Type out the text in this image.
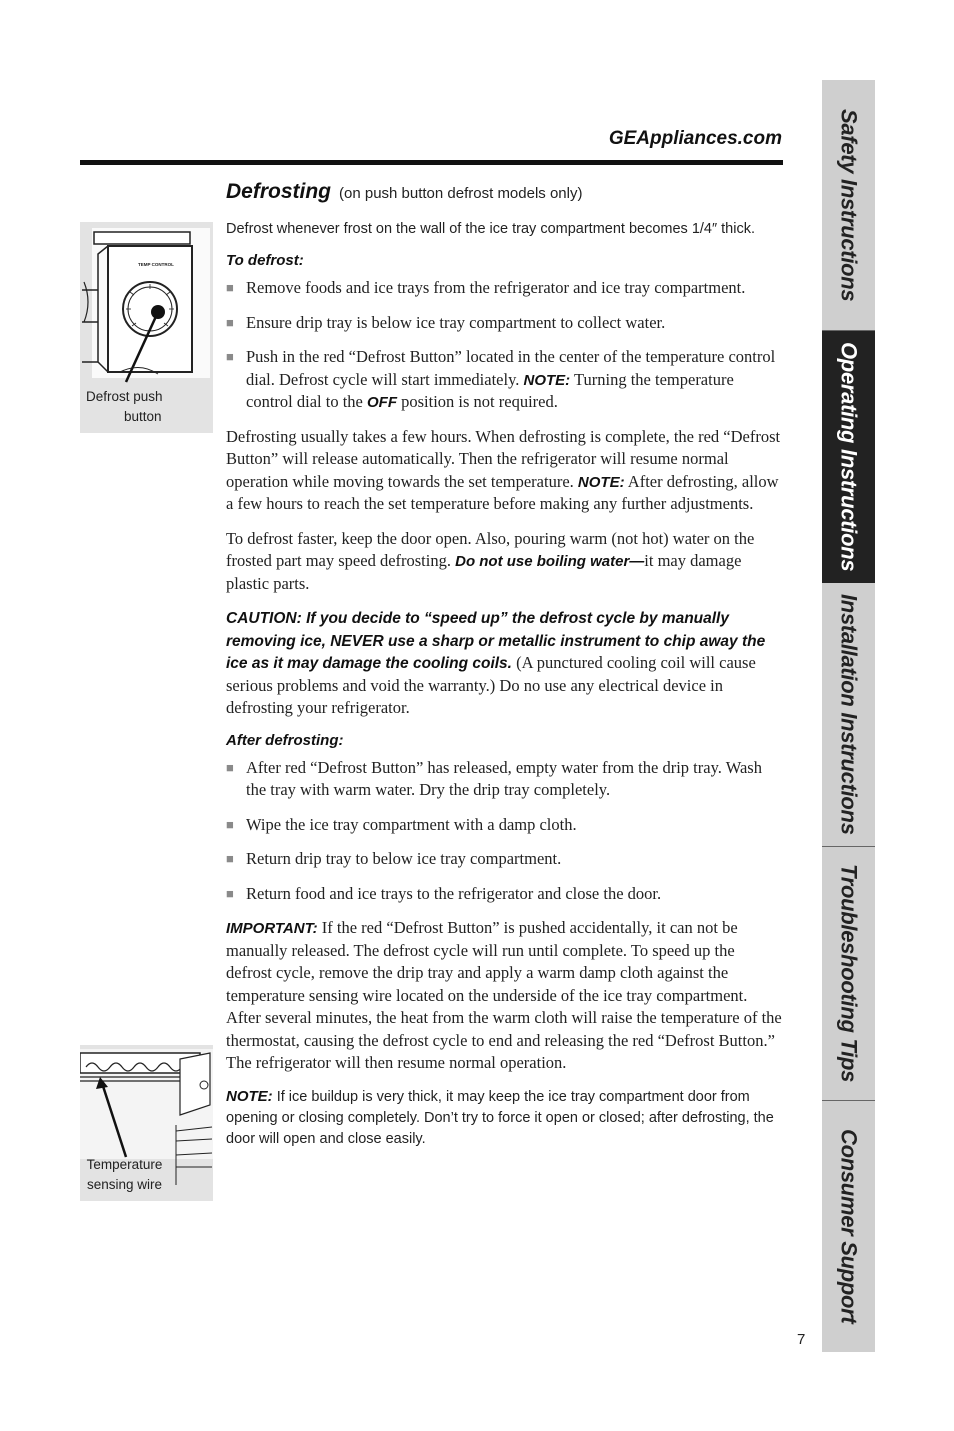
GEAppliances.com
Defrosting (on push button defrost models only)
TEMP CONTROL
Defrost push
button
Temperature sensing wire

Defrost whenever frost on the wall of the ice tray compartment becomes 1/4″ thick.

To defrost:
■ Remove foods and ice trays from the refrigerator and ice tray compartment.
■ Ensure drip tray is below ice tray compartment to collect water.
■ Push in the red “Defrost Button” located in the center of the temperature control dial. Defrost cycle will start immediately. NOTE: Turning the temperature control dial to the OFF position is not required.

Defrosting usually takes a few hours. When defrosting is complete, the red “Defrost Button” will release automatically. Then the refrigerator will resume normal operation while moving towards the set temperature. NOTE: After defrosting, allow a few hours to reach the set temperature before making any further adjustments.

To defrost faster, keep the door open. Also, pouring warm (not hot) water on the frosted part may speed defrosting. Do not use boiling water—it may damage plastic parts.

CAUTION: If you decide to “speed up” the defrost cycle by manually removing ice, NEVER use a sharp or metallic instrument to chip away the ice as it may damage the cooling coils. (A punctured cooling coil will cause serious problems and void the warranty.) Do no use any electrical device in defrosting your refrigerator.

After defrosting:
■ After red “Defrost Button” has released, empty water from the drip tray. Wash the tray with warm water. Dry the drip tray completely.
■ Wipe the ice tray compartment with a damp cloth.
■ Return drip tray to below ice tray compartment.
■ Return food and ice trays to the refrigerator and close the door.

IMPORTANT: If the red “Defrost Button” is pushed accidentally, it can not be manually released. The defrost cycle will run until complete. To speed up the defrost cycle, remove the drip tray and apply a warm damp cloth against the temperature sensing wire located on the underside of the ice tray compartment. After several minutes, the heat from the warm cloth will raise the temperature of the thermostat, causing the defrost cycle to end and releasing the red “Defrost Button.” The refrigerator will then resume normal operation.

NOTE: If ice buildup is very thick, it may keep the ice tray compartment door from opening or closing completely. Don’t try to force it open or closed; after defrosting, the door will open and close easily.

Safety Instructions
Operating Instructions
Installation Instructions
Troubleshooting Tips
Consumer Support
7
